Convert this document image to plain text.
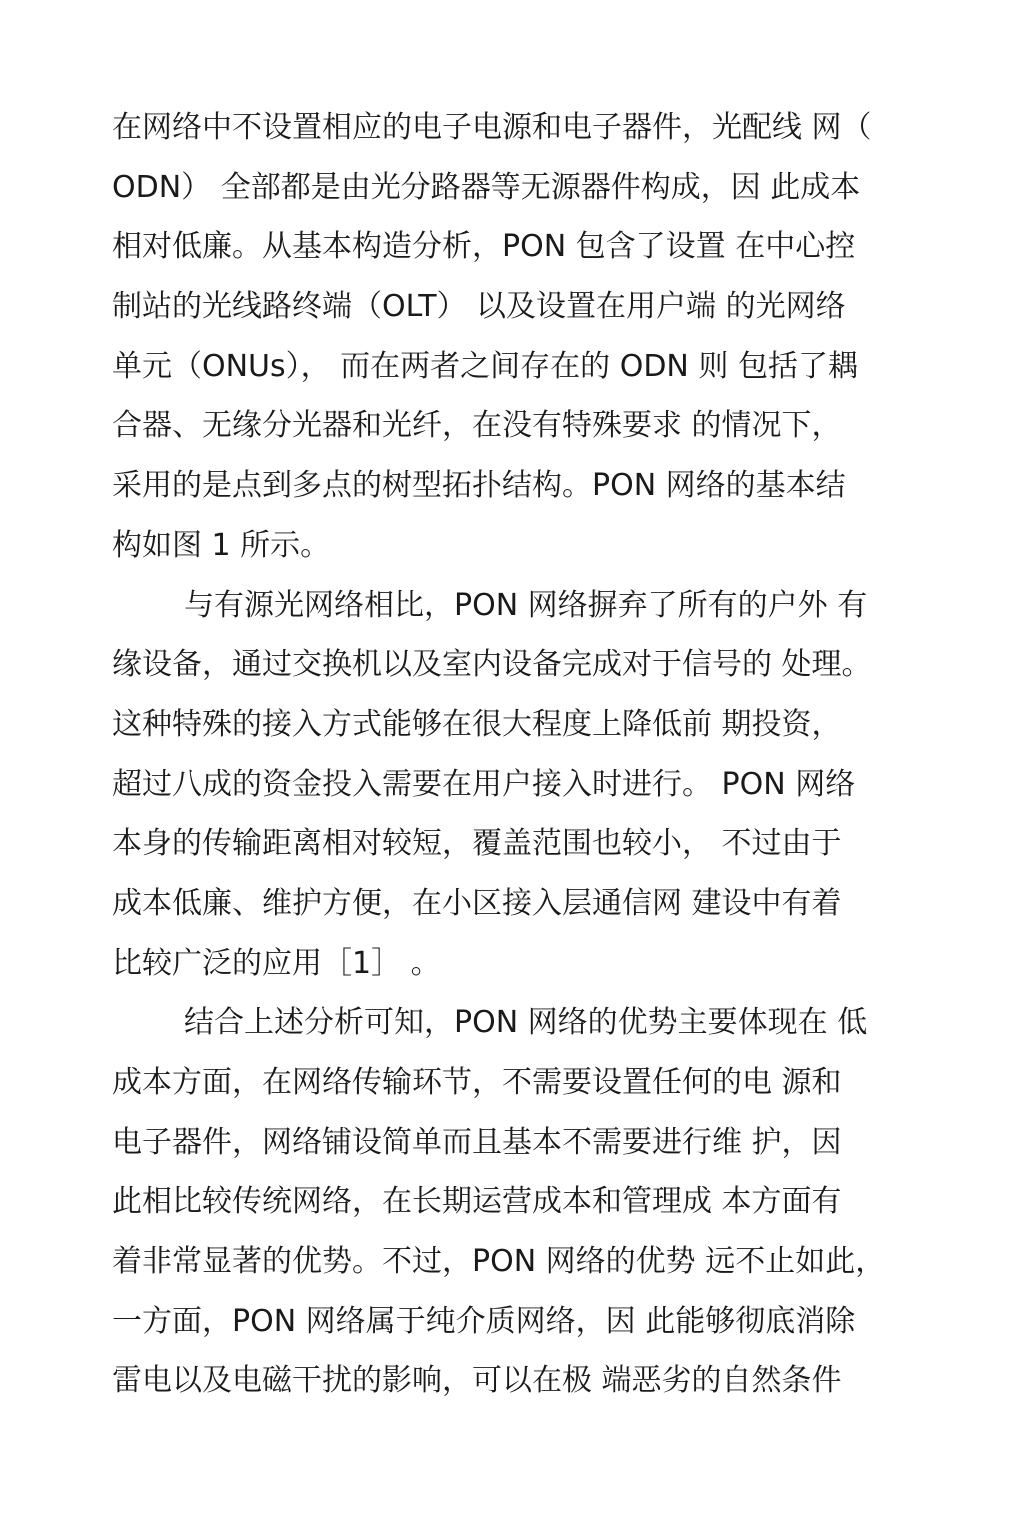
在网络中不设置相应的电子电源和电子器件，光配线 网（
ODN） 全部都是由光分路器等无源器件构成，因 此成本
相对低廉。从基本构造分析，PON 包含了设置 在中心控
制站的光线路终端（OLT） 以及设置在用户端 的光网络
单元（ONUs）， 而在两者之间存在的 ODN 则 包括了耦
合器、无缘分光器和光纤，在没有特殊要求 的情况下，
采用的是点到多点的树型拓扑结构。PON 网络的基本结
构如图 1 所示。
与有源光网络相比，PON 网络摒弃了所有的户外 有
缘设备，通过交换机以及室内设备完成对于信号的 处理。
这种特殊的接入方式能够在很大程度上降低前 期投资，
超过八成的资金投入需要在用户接入时进行。 PON 网络
本身的传输距离相对较短，覆盖范围也较小， 不过由于
成本低廉、维护方便，在小区接入层通信网 建设中有着
比较广泛的应用［1］ 。
结合上述分析可知，PON 网络的优势主要体现在 低
成本方面，在网络传输环节，不需要设置任何的电 源和
电子器件，网络铺设简单而且基本不需要进行维 护，因
此相比较传统网络，在长期运营成本和管理成 本方面有
着非常显著的优势。不过，PON 网络的优势 远不止如此，
一方面，PON 网络属于纯介质网络，因 此能够彻底消除
雷电以及电磁干扰的影响，可以在极 端恶劣的自然条件
